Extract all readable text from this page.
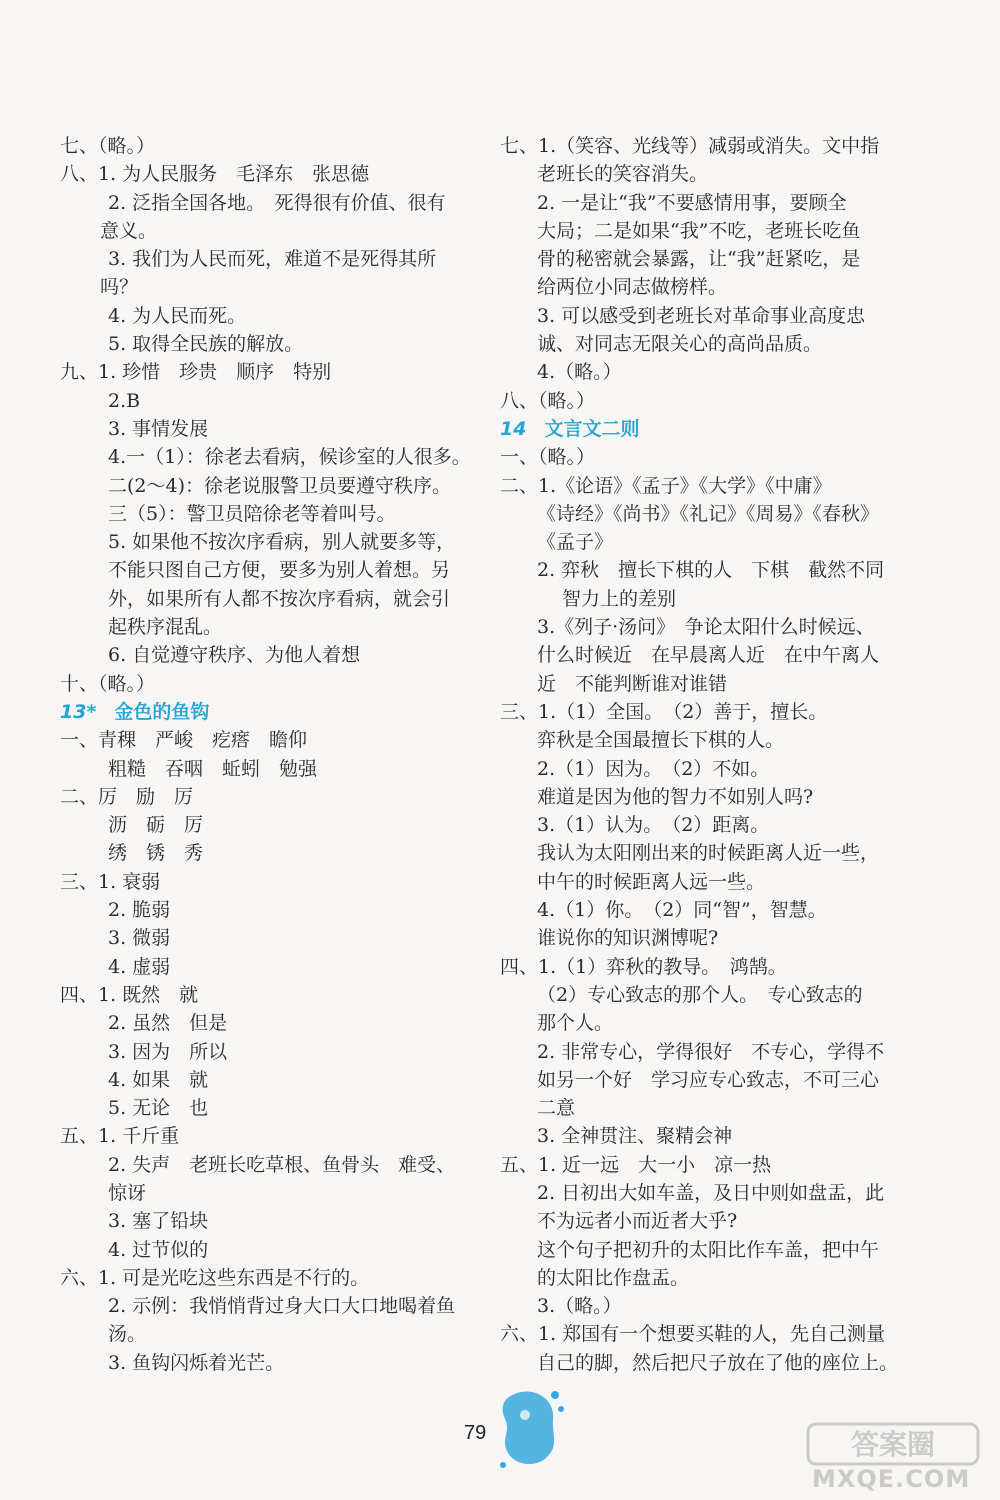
七、（略。）
八、1. 为人民服务　毛泽东　张思德
2. 泛指全国各地。　死得很有价值、很有
意义。
3. 我们为人民而死，难道不是死得其所
吗？
4. 为人民而死。
5. 取得全民族的解放。
九、1. 珍惜　珍贵　顺序　特别
2.B
3. 事情发展
4.一（1）：徐老去看病，候诊室的人很多。
二(2～4)：徐老说服警卫员要遵守秩序。
三（5）：警卫员陪徐老等着叫号。
5. 如果他不按次序看病，别人就要多等，
不能只图自己方便，要多为别人着想。另
外，如果所有人都不按次序看病，就会引
起秩序混乱。
6. 自觉遵守秩序、为他人着想
十、（略。）
13* 金色的鱼钩
一、青稞　严峻　疙瘩　瞻仰
粗糙　吞咽　蚯蚓　勉强
二、厉　励　厉
沥　砺　厉
绣　锈　秀
三、1. 衰弱
2. 脆弱
3. 微弱
4. 虚弱
四、1. 既然　就
2. 虽然　但是
3. 因为　所以
4. 如果　就
5. 无论　也
五、1. 千斤重
2. 失声　老班长吃草根、鱼骨头　难受、
惊讶
3. 塞了铅块
4. 过节似的
六、1. 可是光吃这些东西是不行的。
2. 示例：我悄悄背过身大口大口地喝着鱼
汤。
3. 鱼钩闪烁着光芒。
七、1.（笑容、光线等）减弱或消失。文中指
老班长的笑容消失。
2. 一是让“我”不要感情用事，要顾全
大局；二是如果“我”不吃，老班长吃鱼
骨的秘密就会暴露，让“我”赶紧吃，是
给两位小同志做榜样。
3. 可以感受到老班长对革命事业高度忠
诚、对同志无限关心的高尚品质。
4.（略。）
八、（略。）
14 文言文二则
一、（略。）
二、1.《论语》《孟子》《大学》《中庸》
《诗经》《尚书》《礼记》《周易》《春秋》
《孟子》
2. 弈秋　擅长下棋的人　下棋　截然不同
智力上的差别
3.《列子·汤问》　争论太阳什么时候远、
什么时候近　在早晨离人近　在中午离人
近　不能判断谁对谁错
三、1.（1）全国。　（2）善于，擅长。
弈秋是全国最擅长下棋的人。
2.（1）因为。　（2）不如。
难道是因为他的智力不如别人吗?
3.（1）认为。　（2）距离。
我认为太阳刚出来的时候距离人近一些，
中午的时候距离人远一些。
4.（1）你。　（2）同“智”，智慧。
谁说你的知识渊博呢?
四、1.（1）弈秋的教导。　鸿鹄。
（2）专心致志的那个人。　专心致志的
那个人。
2. 非常专心，学得很好　不专心，学得不
如另一个好　学习应专心致志，不可三心
二意
3. 全神贯注、聚精会神
五、1. 近一远　大一小　凉一热
2. 日初出大如车盖，及日中则如盘盂，此
不为远者小而近者大乎?
这个句子把初升的太阳比作车盖，把中午
的太阳比作盘盂。
3.（略。）
六、1. 郑国有一个想要买鞋的人，先自己测量
自己的脚，然后把尺子放在了他的座位上。
79	答案圈
MXQE.COM
